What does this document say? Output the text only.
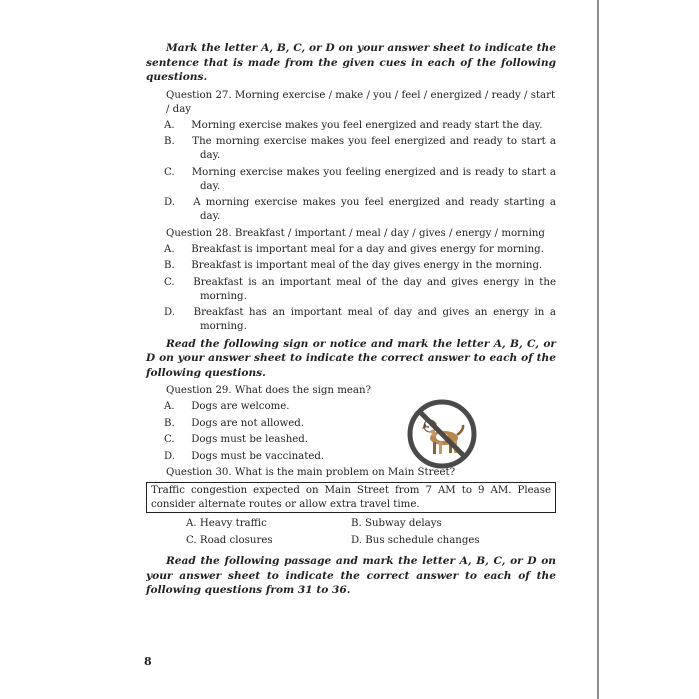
Mark the letter A, B, C, or D on your answer sheet to indicate the sentence that is made from the given cues in each of the following questions.

Question 27. Morning exercise / make / you / feel / energized / ready / start / day
A. Morning exercise makes you feel energized and ready start the day.
B. The morning exercise makes you feel energized and ready to start a day.
C. Morning exercise makes you feeling energized and is ready to start a day.
D. A morning exercise makes you feel energized and ready starting a day.
Question 28. Breakfast / important / meal / day / gives / energy / morning
A. Breakfast is important meal for a day and gives energy for morning.
B. Breakfast is important meal of the day gives energy in the morning.
C. Breakfast is an important meal of the day and gives energy in the morning.
D. Breakfast has an important meal of day and gives an energy in a morning.

Read the following sign or notice and mark the letter A, B, C, or D on your answer sheet to indicate the correct answer to each of the following questions.

Question 29. What does the sign mean?
A. Dogs are welcome.
B. Dogs are not allowed.
C. Dogs must be leashed.
D. Dogs must be vaccinated.
Question 30. What is the main problem on Main Street?
Traffic congestion expected on Main Street from 7 AM to 9 AM. Please consider alternate routes or allow extra travel time.
A. Heavy traffic	B. Subway delays
C. Road closures	D. Bus schedule changes

Read the following passage and mark the letter A, B, C, or D on your answer sheet to indicate the correct answer to each of the following questions from 31 to 36.

8
